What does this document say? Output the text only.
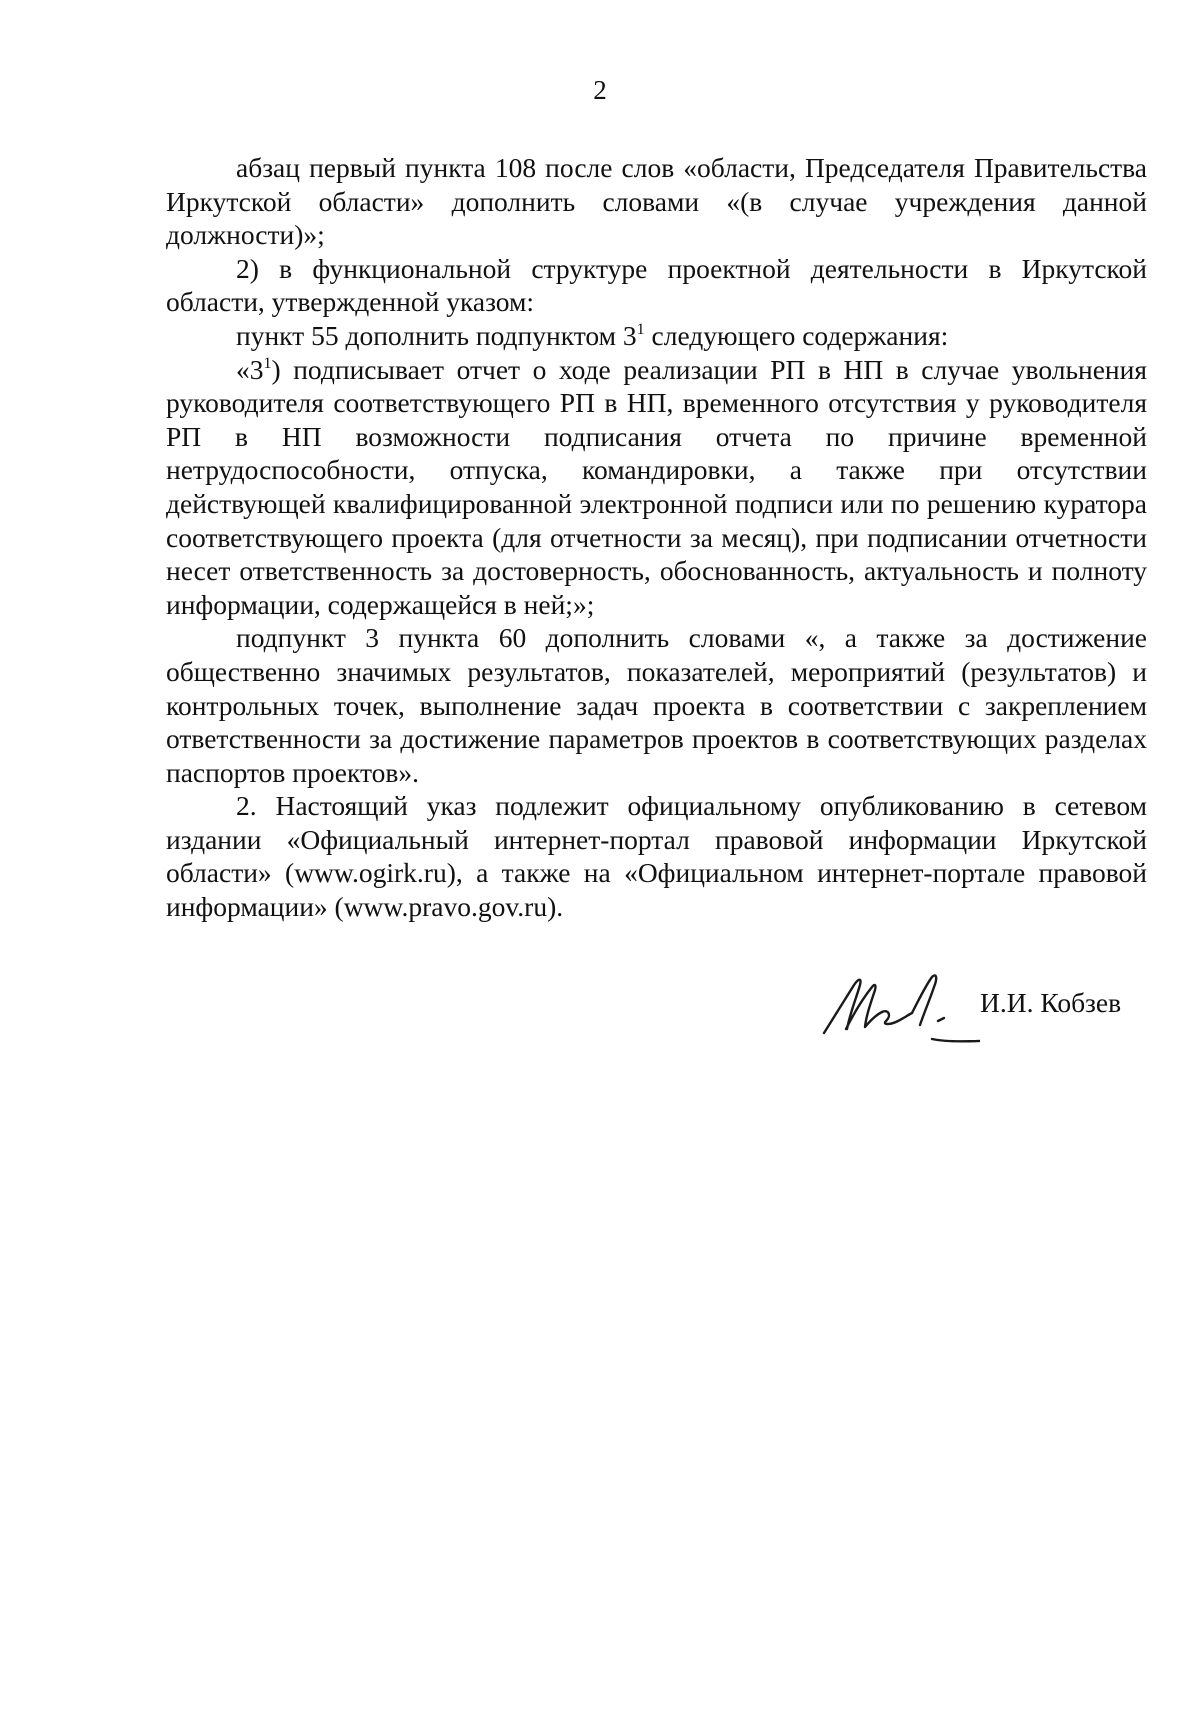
2

абзац первый пункта 108 после слов «области, Председателя Правительства Иркутской области» дополнить словами «(в случае учреждения данной должности)»;

2) в функциональной структуре проектной деятельности в Иркутской области, утвержденной указом:

пункт 55 дополнить подпунктом $3^1$ следующего содержания:

«$3^1$) подписывает отчет о ходе реализации РП в НП в случае увольнения руководителя соответствующего РП в НП, временного отсутствия у руководителя РП в НП возможности подписания отчета по причине временной нетрудоспособности, отпуска, командировки, а также при отсутствии действующей квалифицированной электронной подписи или по решению куратора соответствующего проекта (для отчетности за месяц), при подписании отчетности несет ответственность за достоверность, обоснованность, актуальность и полноту информации, содержащейся в ней;»;

подпункт 3 пункта 60 дополнить словами «, а также за достижение общественно значимых результатов, показателей, мероприятий (результатов) и контрольных точек, выполнение задач проекта в соответствии с закреплением ответственности за достижение параметров проектов в соответствующих разделах паспортов проектов».

2. Настоящий указ подлежит официальному опубликованию в сетевом издании «Официальный интернет-портал правовой информации Иркутской области» (www.ogirk.ru), а также на «Официальном интернет-портале правовой информации» (www.pravo.gov.ru).

И.И. Кобзев
